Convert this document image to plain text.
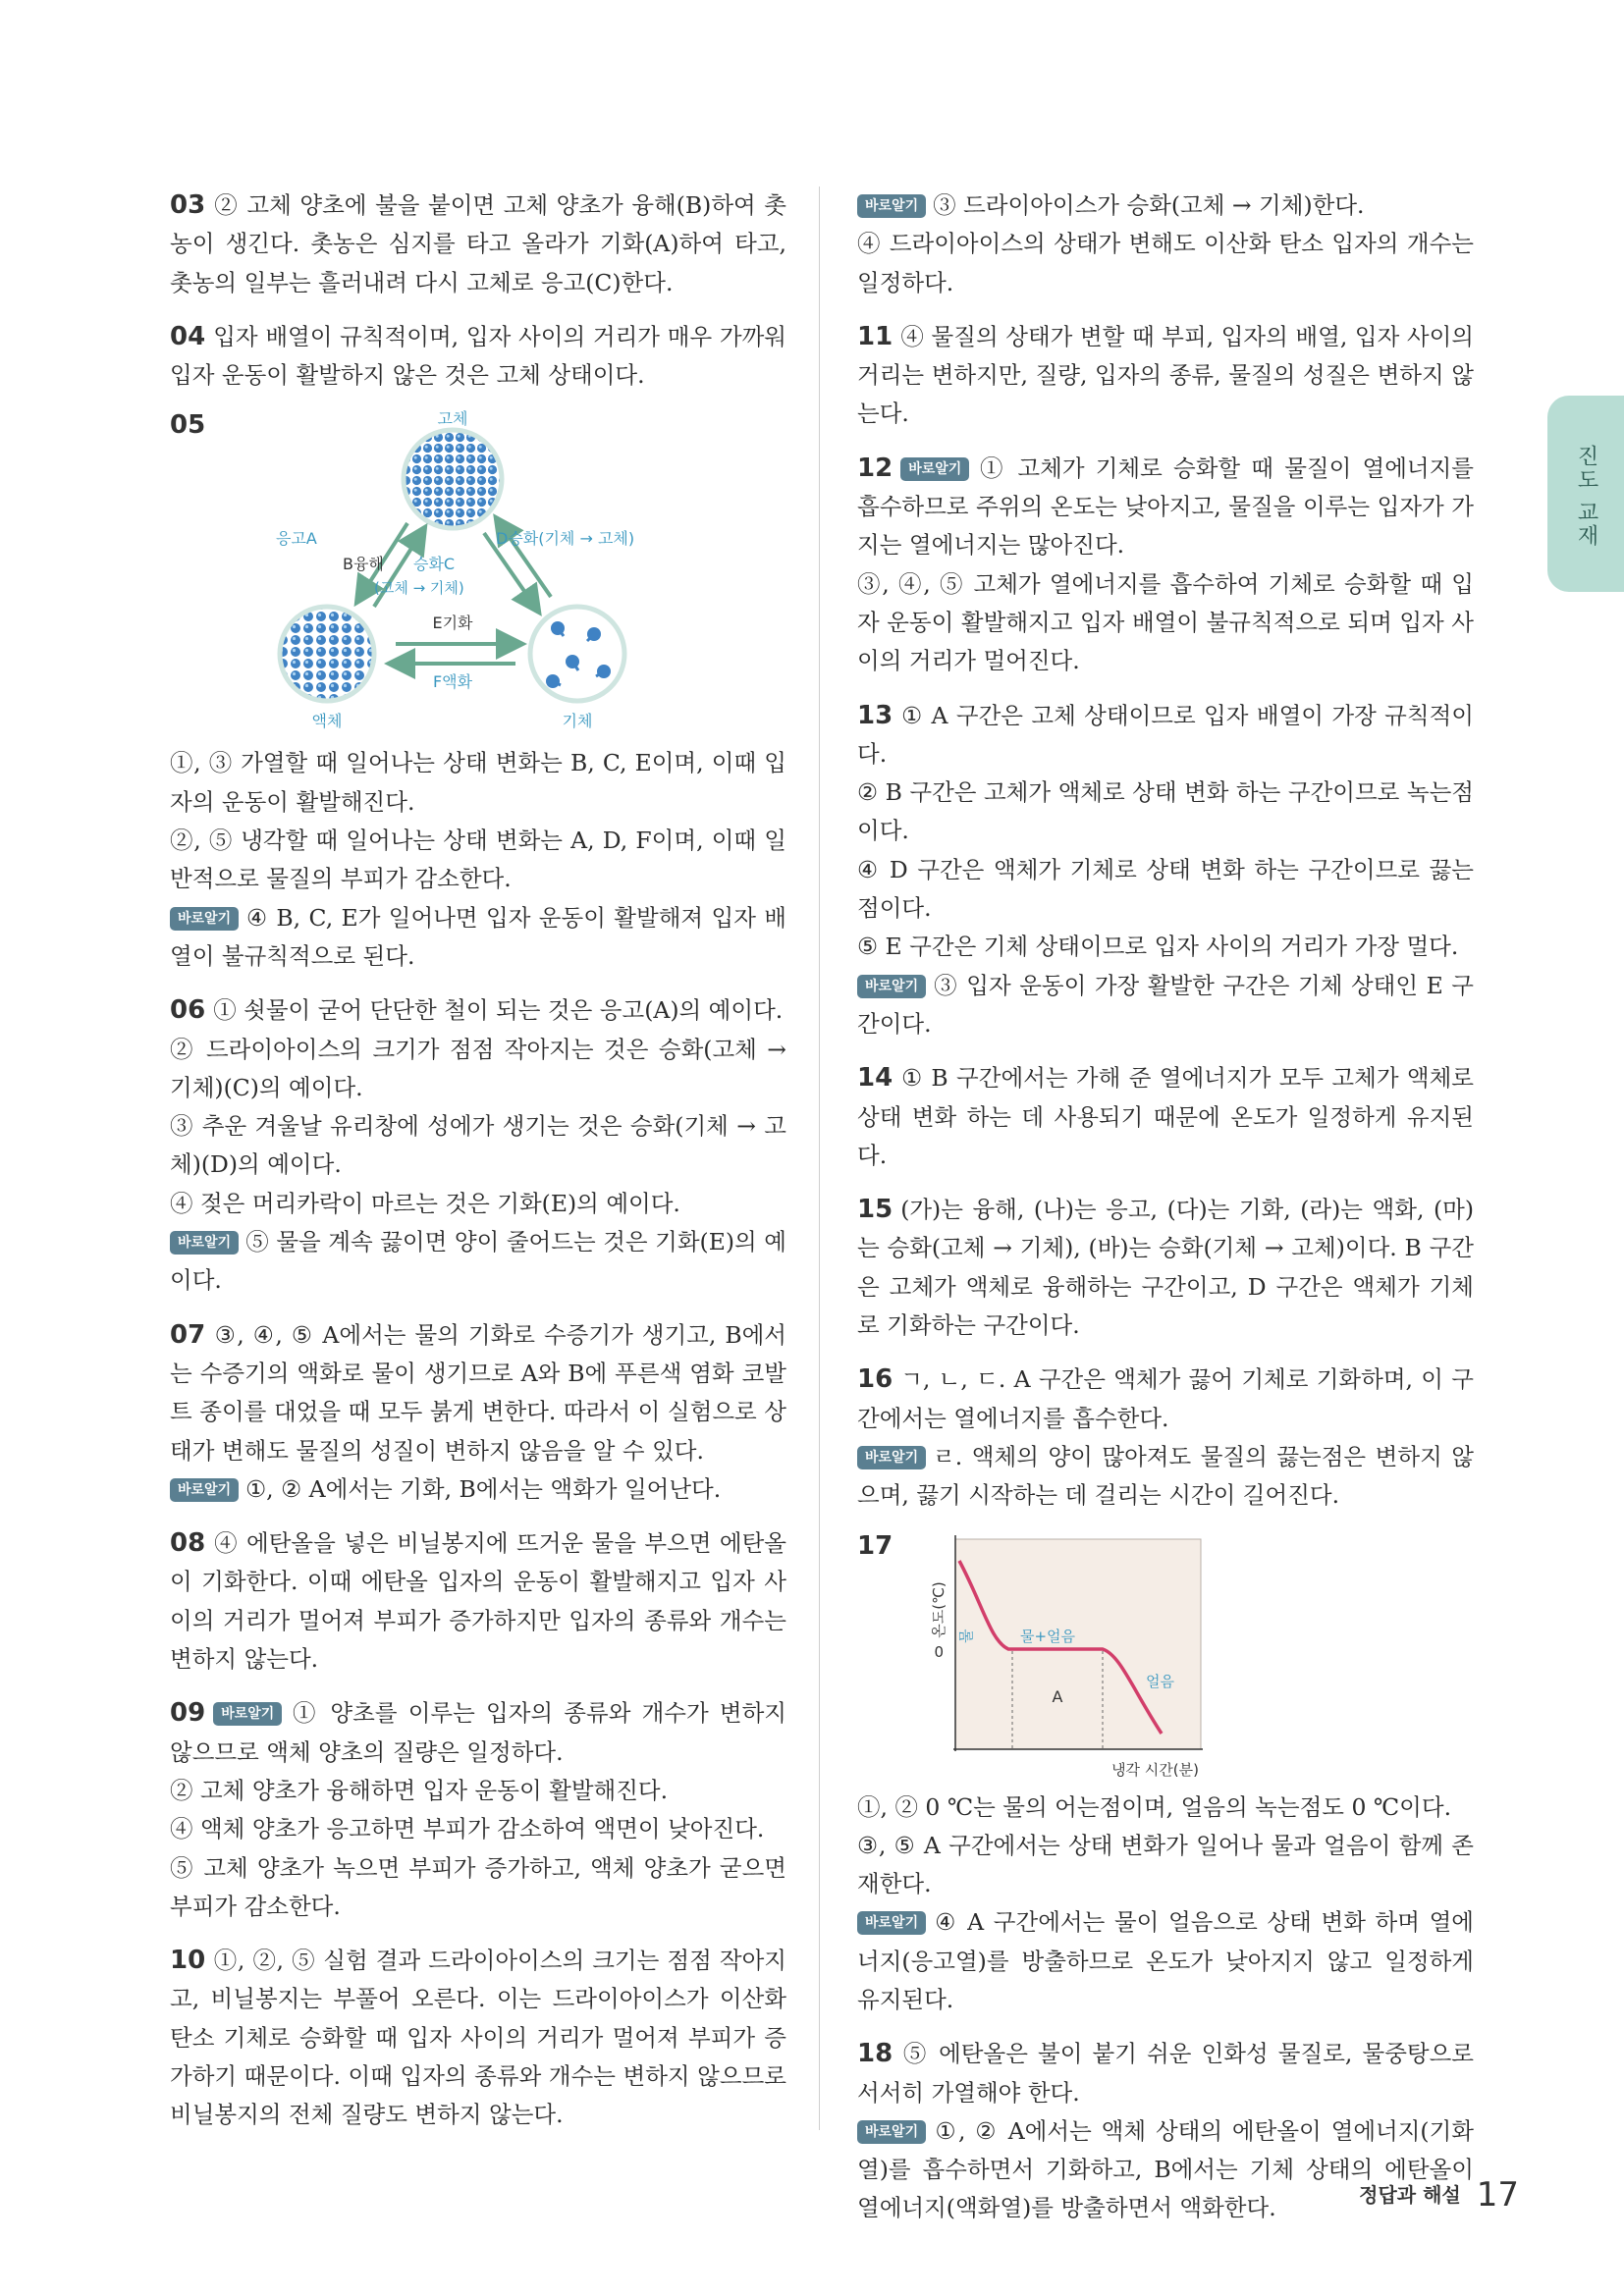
03 ② 고체 양초에 불을 붙이면 고체 양초가 융해(B)하여 촛농이 생긴다. 촛농은 심지를 타고 올라가 기화(A)하여 타고, 촛농의 일부는 흘러내려 다시 고체로 응고(C)한다.

04 입자 배열이 규칙적이며, 입자 사이의 거리가 매우 가까워 입자 운동이 활발하지 않은 것은 고체 상태이다.

05	고체
액체	기체
응고A
B융해 승화C
(고체 → 기체)
D승화(기체 → 고체)
E기화
F액화

①, ③ 가열할 때 일어나는 상태 변화는 B, C, E이며, 이때 입자의 운동이 활발해진다.

②, ⑤ 냉각할 때 일어나는 상태 변화는 A, D, F이며, 이때 일반적으로 물질의 부피가 감소한다.

바로알기 ④ B, C, E가 일어나면 입자 운동이 활발해져 입자 배열이 불규칙적으로 된다.

06 ① 쇳물이 굳어 단단한 철이 되는 것은 응고(A)의 예이다.

② 드라이아이스의 크기가 점점 작아지는 것은 승화(고체 → 기체)(C)의 예이다.

③ 추운 겨울날 유리창에 성에가 생기는 것은 승화(기체 → 고체)(D)의 예이다.

④ 젖은 머리카락이 마르는 것은 기화(E)의 예이다.

바로알기 ⑤ 물을 계속 끓이면 양이 줄어드는 것은 기화(E)의 예이다.

07 ③, ④, ⑤ A에서는 물의 기화로 수증기가 생기고, B에서는 수증기의 액화로 물이 생기므로 A와 B에 푸른색 염화 코발트 종이를 대었을 때 모두 붉게 변한다. 따라서 이 실험으로 상태가 변해도 물질의 성질이 변하지 않음을 알 수 있다.

바로알기 ①, ② A에서는 기화, B에서는 액화가 일어난다.

08 ④ 에탄올을 넣은 비닐봉지에 뜨거운 물을 부으면 에탄올이 기화한다. 이때 에탄올 입자의 운동이 활발해지고 입자 사이의 거리가 멀어져 부피가 증가하지만 입자의 종류와 개수는 변하지 않는다.

09 바로알기 ① 양초를 이루는 입자의 종류와 개수가 변하지 않으므로 액체 양초의 질량은 일정하다.

② 고체 양초가 융해하면 입자 운동이 활발해진다.

④ 액체 양초가 응고하면 부피가 감소하여 액면이 낮아진다.

⑤ 고체 양초가 녹으면 부피가 증가하고, 액체 양초가 굳으면 부피가 감소한다.

10 ①, ②, ⑤ 실험 결과 드라이아이스의 크기는 점점 작아지고, 비닐봉지는 부풀어 오른다. 이는 드라이아이스가 이산화 탄소 기체로 승화할 때 입자 사이의 거리가 멀어져 부피가 증가하기 때문이다. 이때 입자의 종류와 개수는 변하지 않으므로 비닐봉지의 전체 질량도 변하지 않는다.

바로알기 ③ 드라이아이스가 승화(고체 → 기체)한다.

④ 드라이아이스의 상태가 변해도 이산화 탄소 입자의 개수는 일정하다.

11 ④ 물질의 상태가 변할 때 부피, 입자의 배열, 입자 사이의 거리는 변하지만, 질량, 입자의 종류, 물질의 성질은 변하지 않는다.

12 바로알기 ① 고체가 기체로 승화할 때 물질이 열에너지를 흡수하므로 주위의 온도는 낮아지고, 물질을 이루는 입자가 가지는 열에너지는 많아진다.

③, ④, ⑤ 고체가 열에너지를 흡수하여 기체로 승화할 때 입자 운동이 활발해지고 입자 배열이 불규칙적으로 되며 입자 사이의 거리가 멀어진다.

13 ① A 구간은 고체 상태이므로 입자 배열이 가장 규칙적이다.

② B 구간은 고체가 액체로 상태 변화 하는 구간이므로 녹는점이다.

④ D 구간은 액체가 기체로 상태 변화 하는 구간이므로 끓는점이다.

⑤ E 구간은 기체 상태이므로 입자 사이의 거리가 가장 멀다.

바로알기 ③ 입자 운동이 가장 활발한 구간은 기체 상태인 E 구간이다.

14 ① B 구간에서는 가해 준 열에너지가 모두 고체가 액체로 상태 변화 하는 데 사용되기 때문에 온도가 일정하게 유지된다.

15 (가)는 융해, (나)는 응고, (다)는 기화, (라)는 액화, (마)는 승화(고체 → 기체), (바)는 승화(기체 → 고체)이다. B 구간은 고체가 액체로 융해하는 구간이고, D 구간은 액체가 기체로 기화하는 구간이다.

16 ㄱ, ㄴ, ㄷ. A 구간은 액체가 끓어 기체로 기화하며, 이 구간에서는 열에너지를 흡수한다.

바로알기 ㄹ. 액체의 양이 많아져도 물질의 끓는점은 변하지 않으며, 끓기 시작하는 데 걸리는 시간이 길어진다.

17
온도(℃)
0
물	물+얼음
얼음
A
냉각 시간(분)

①, ② 0 ℃는 물의 어는점이며, 얼음의 녹는점도 0 ℃이다.

③, ⑤ A 구간에서는 상태 변화가 일어나 물과 얼음이 함께 존재한다.

바로알기 ④ A 구간에서는 물이 얼음으로 상태 변화 하며 열에너지(응고열)를 방출하므로 온도가 낮아지지 않고 일정하게 유지된다.

18 ⑤ 에탄올은 불이 붙기 쉬운 인화성 물질로, 물중탕으로 서서히 가열해야 한다.

바로알기 ①, ② A에서는 액체 상태의 에탄올이 열에너지(기화열)를 흡수하면서 기화하고, B에서는 기체 상태의 에탄올이 열에너지(액화열)를 방출하면서 액화한다.

진도 교재
정답과 해설 17
